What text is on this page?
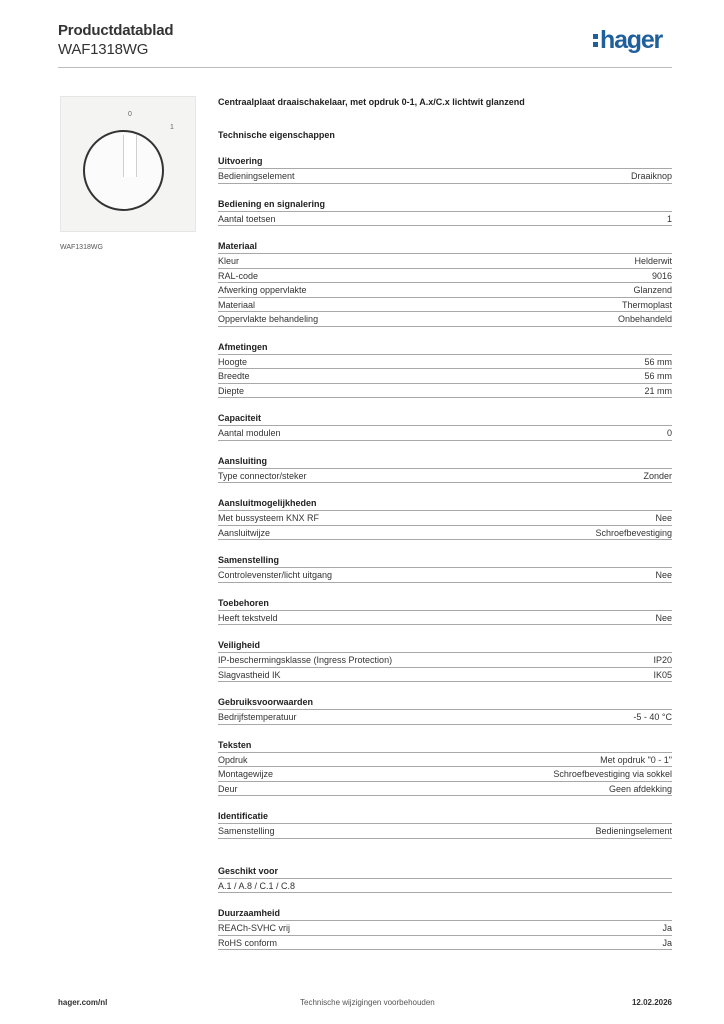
Productdatablad
WAF1318WG	hager
0
1
WAF1318WG
Centraalplaat draaischakelaar, met opdruk 0-1, A.x/C.x lichtwit glanzend
Technische eigenschappen
Uitvoering
Bedieningselement	Draaiknop
Bediening en signalering
Aantal toetsen	1
Materiaal
Kleur	Helderwit
RAL-code	9016
Afwerking oppervlakte	Glanzend
Materiaal	Thermoplast
Oppervlakte behandeling	Onbehandeld
Afmetingen
Hoogte	56 mm
Breedte	56 mm
Diepte	21 mm
Capaciteit
Aantal modulen	0
Aansluiting
Type connector/steker	Zonder
Aansluitmogelijkheden
Met bussysteem KNX RF	Nee
Aansluitwijze	Schroefbevestiging
Samenstelling
Controlevenster/licht uitgang	Nee
Toebehoren
Heeft tekstveld	Nee
Veiligheid
IP-beschermingsklasse (Ingress Protection)	IP20
Slagvastheid IK	IK05
Gebruiksvoorwaarden
Bedrijfstemperatuur	-5 - 40 °C
Teksten
Opdruk	Met opdruk "0 - 1"
Montagewijze	Schroefbevestiging via sokkel
Deur	Geen afdekking
Identificatie
Samenstelling	Bedieningselement
Geschikt voor
A.1 / A.8 / C.1 / C.8
Duurzaamheid
REACh-SVHC vrij	Ja
RoHS conform	Ja
hager.com/nl	Technische wijzigingen voorbehouden	12.02.2026
